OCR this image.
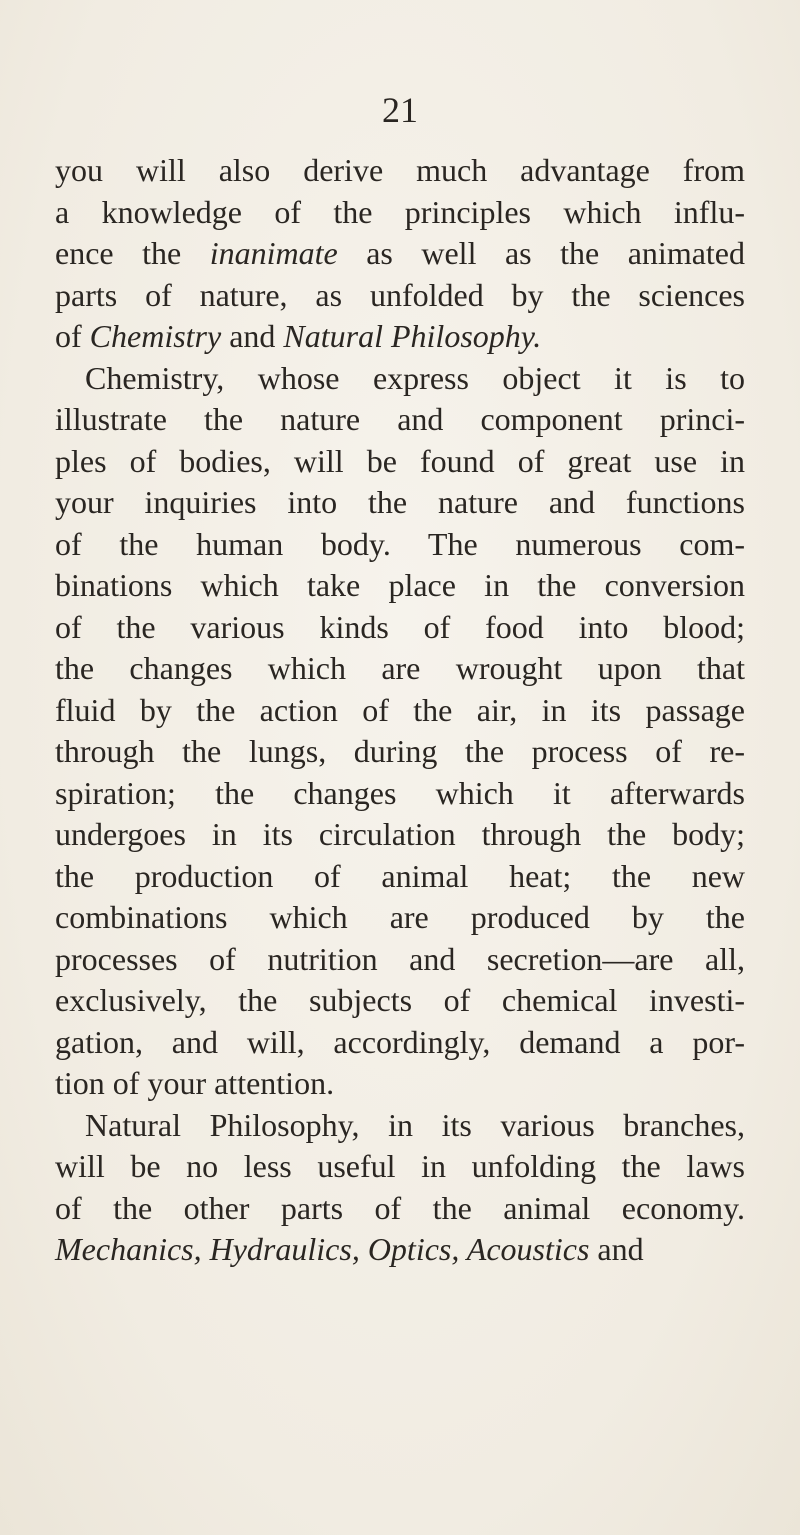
21
you will also derive much advantage from
a knowledge of the principles which influ-
ence the inanimate as well as the animated
parts of nature, as unfolded by the sciences
of Chemistry and Natural Philosophy.
Chemistry, whose express object it is to
illustrate the nature and component princi-
ples of bodies, will be found of great use in
your inquiries into the nature and functions
of the human body. The numerous com-
binations which take place in the conversion
of the various kinds of food into blood;
the changes which are wrought upon that
fluid by the action of the air, in its passage
through the lungs, during the process of re-
spiration; the changes which it afterwards
undergoes in its circulation through the body;
the production of animal heat; the new
combinations which are produced by the
processes of nutrition and secretion—are all,
exclusively, the subjects of chemical investi-
gation, and will, accordingly, demand a por-
tion of your attention.
Natural Philosophy, in its various branches,
will be no less useful in unfolding the laws
of the other parts of the animal economy.
Mechanics, Hydraulics, Optics, Acoustics and
